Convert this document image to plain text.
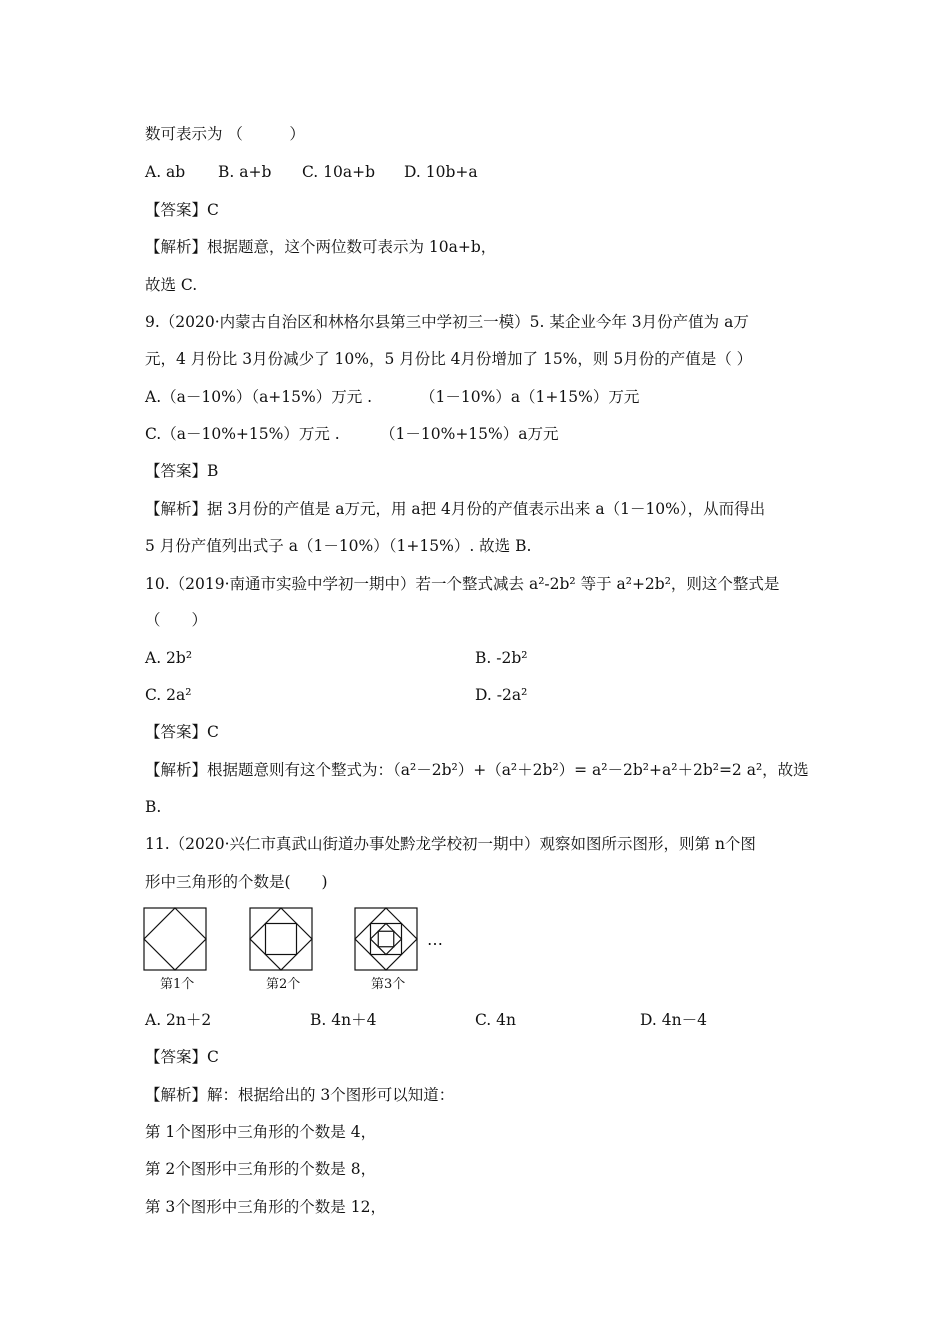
数可表示为 （　　　）
A. ab B. a+b C. 10a+b D. 10b+a
【答案】C
【解析】根据题意，这个两位数可表示为 10a+b，
故选 C.
9.（2020·内蒙古自治区和林格尔县第三中学初三一模）5. 某企业今年 3月份产值为 a万
元，4 月份比 3月份减少了 10%，5 月份比 4月份增加了 15%，则 5月份的产值是（ ）
A.（a－10%）（a+15%）万元 .	（1－10%）a（1+15%）万元
C.（a－10%+15%）万元 .	（1－10%+15%）a万元
【答案】B
【解析】据 3月份的产值是 a万元，用 a把 4月份的产值表示出来 a（1－10%），从而得出
5 月份产值列出式子 a（1－10%）（1+15%）. 故选 B.
10.（2019·南通市实验中学初一期中）若一个整式减去 a²-2b² 等于 a²+2b²，则这个整式是
（　　）
A. 2b²	B. -2b²
C. 2a²	D. -2a²
【答案】C
【解析】根据题意则有这个整式为：（a²－2b²）+（a²＋2b²）= a²－2b²+a²＋2b²=2 a²，故选
B.
11.（2020·兴仁市真武山街道办事处黔龙学校初一期中）观察如图所示图形，则第 n个图
形中三角形的个数是(　　)
…
第1个	第2个	第3个
A. 2n＋2	B. 4n＋4	C. 4n	D. 4n－4
【答案】C
【解析】解：根据给出的 3个图形可以知道：
第 1个图形中三角形的个数是 4，
第 2个图形中三角形的个数是 8，
第 3个图形中三角形的个数是 12，
